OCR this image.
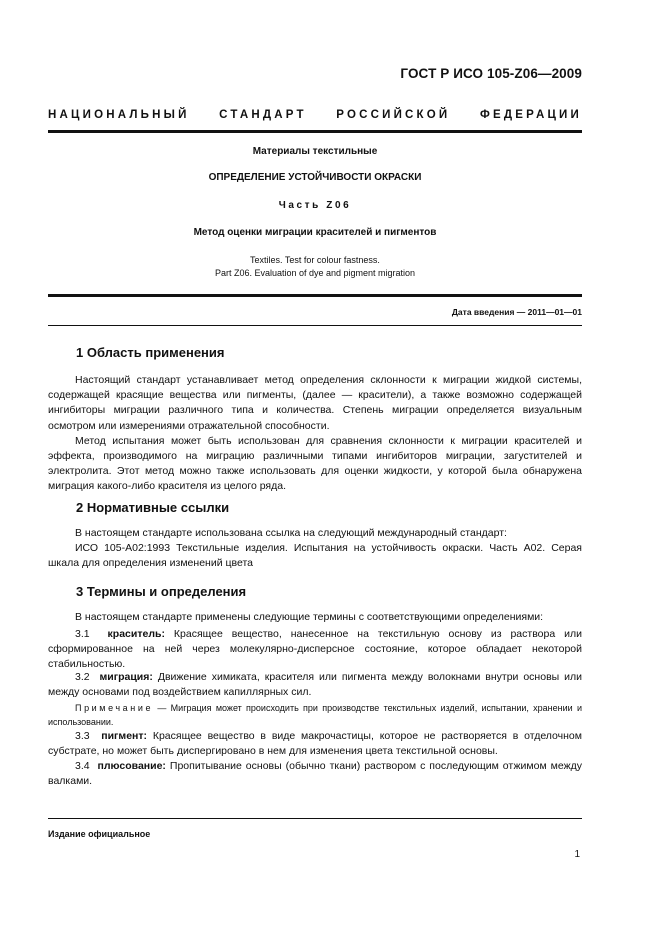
ГОСТ Р ИСО 105-Z06—2009
НАЦИОНАЛЬНЫЙ СТАНДАРТ РОССИЙСКОЙ ФЕДЕРАЦИИ
Материалы текстильные
ОПРЕДЕЛЕНИЕ УСТОЙЧИВОСТИ ОКРАСКИ
Часть Z06
Метод оценки миграции красителей и пигментов
Textiles. Test for colour fastness.
Part Z06. Evaluation of dye and pigment migration
Дата введения — 2011—01—01
1 Область применения

Настоящий стандарт устанавливает метод определения склонности к миграции жидкой системы, содержащей красящие вещества или пигменты, (далее — красители), а также возможно содержащей ингибиторы миграции различного типа и количества. Степень миграции определяется визуальным осмотром или измерениями отражательной способности.

Метод испытания может быть использован для сравнения склонности к миграции красителей и эффекта, производимого на миграцию различными типами ингибиторов миграции, загустителей и электролита. Этот метод можно также использовать для оценки жидкости, у которой была обнаружена миграция какого-либо красителя из целого ряда.

2 Нормативные ссылки

В настоящем стандарте использована ссылка на следующий международный стандарт:

ИСО 105-А02:1993 Текстильные изделия. Испытания на устойчивость окраски. Часть А02. Серая шкала для определения изменений цвета

3 Термины и определения

В настоящем стандарте применены следующие термины с соответствующими определениями:

3.1 краситель: Красящее вещество, нанесенное на текстильную основу из раствора или сформированное на ней через молекулярно-дисперсное состояние, которое обладает некоторой стабильностью.

3.2 миграция: Движение химиката, красителя или пигмента между волокнами внутри основы или между основами под воздействием капиллярных сил.

Примечание — Миграция может происходить при производстве текстильных изделий, испытании, хранении и использовании.

3.3 пигмент: Красящее вещество в виде макрочастицы, которое не растворяется в отделочном субстрате, но может быть диспергировано в нем для изменения цвета текстильной основы.

3.4 плюсование: Пропитывание основы (обычно ткани) раствором с последующим отжимом между валками.

Издание официальное
1
